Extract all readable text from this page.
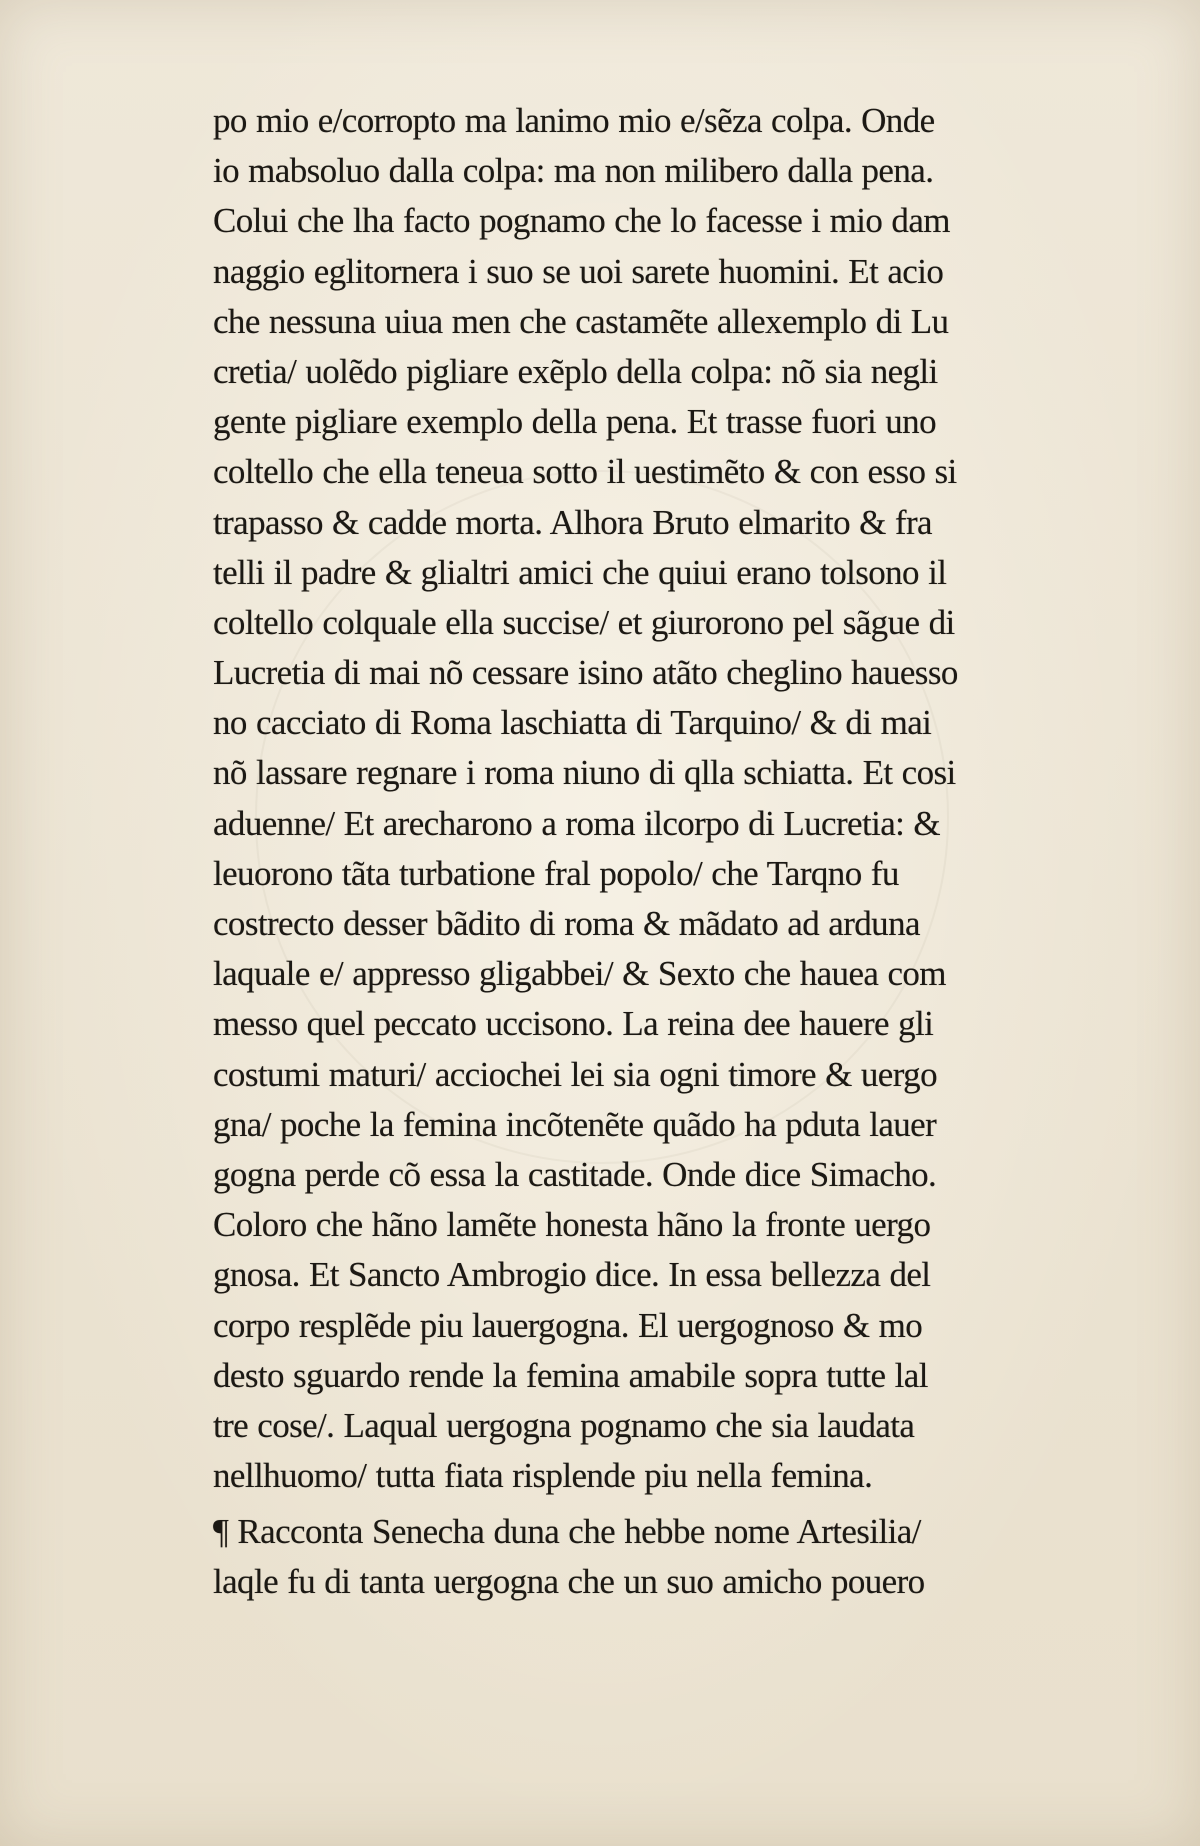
po mio e/corropto ma lanimo mio e/sẽza colpa. Onde
io mabsoluo dalla colpa: ma non milibero dalla pena.
Colui che lha facto pognamo che lo facesse i mio dam
naggio eglitornera i suo se uoi sarete huomini. Et acio
che nessuna uiua men che castamẽte allexemplo di Lu
cretia/ uolẽdo pigliare exẽplo della colpa: nõ sia negli
gente pigliare exemplo della pena. Et trasse fuori uno
coltello che ella teneua sotto il uestimẽto & con esso si
trapasso & cadde morta. Alhora Bruto elmarito & fra
telli il padre & glialtri amici che quiui erano tolsono il
coltello colquale ella succise/ et giurorono pel sãgue di
Lucretia di mai nõ cessare isino atãto cheglino hauesso
no cacciato di Roma laschiatta di Tarquino/ & di mai
nõ lassare regnare i roma niuno di qlla schiatta. Et cosi
aduenne/ Et arecharono a roma ilcorpo di Lucretia: &
leuorono tãta turbatione fral popolo/ che Tarqno fu
costrecto desser bãdito di roma & mãdato ad arduna
laquale e/ appresso gligabbei/ & Sexto che hauea com
messo quel peccato uccisono. La reina dee hauere gli
costumi maturi/ acciochei lei sia ogni timore & uergo
gna/ poche la femina incõtenẽte quãdo ha pduta lauer
gogna perde cõ essa la castitade. Onde dice Simacho.
Coloro che hãno lamẽte honesta hãno la fronte uergo
gnosa. Et Sancto Ambrogio dice. In essa bellezza del
corpo resplẽde piu lauergogna. El uergognoso & mo
desto sguardo rende la femina amabile sopra tutte lal
tre cose/. Laqual uergogna pognamo che sia laudata
nellhuomo/ tutta fiata risplende piu nella femina.
¶ Racconta Senecha duna che hebbe nome Artesilia/
laqle fu di tanta uergogna che un suo amicho pouero
